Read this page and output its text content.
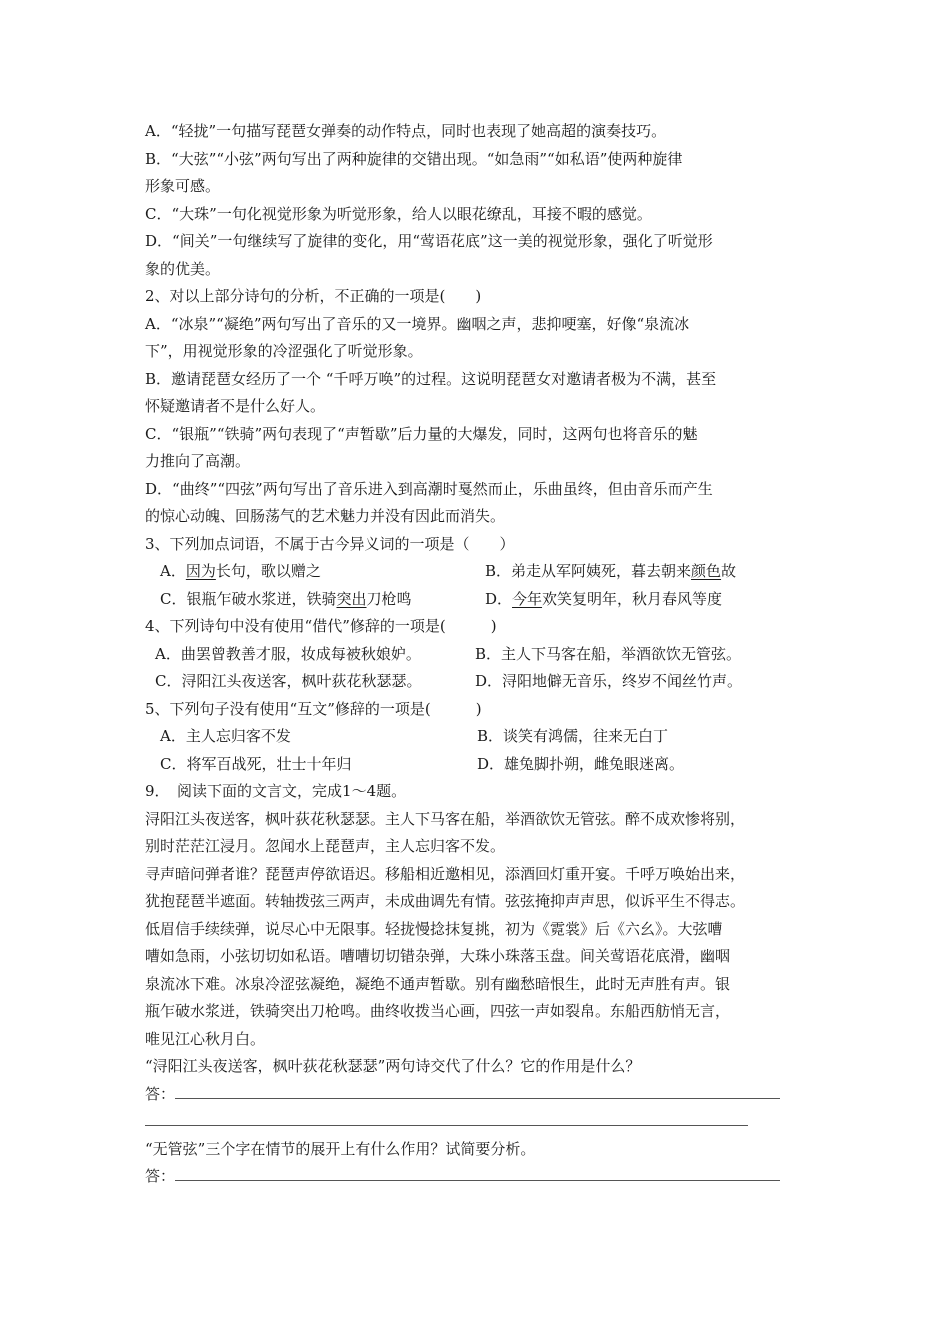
A．“轻拢”一句描写琵琶女弹奏的动作特点，同时也表现了她高超的演奏技巧。
B．“大弦”“小弦”两句写出了两种旋律的交错出现。“如急雨”“如私语”使两种旋律
形象可感。
C．“大珠”一句化视觉形象为听觉形象，给人以眼花缭乱，耳接不暇的感觉。
D．“间关”一句继续写了旋律的变化，用“莺语花底”这一美的视觉形象，强化了听觉形
象的优美。
2、对以上部分诗句的分析，不正确的一项是(　　)
A．“冰泉”“凝绝”两句写出了音乐的又一境界。幽咽之声，悲抑哽塞，好像“泉流冰
下”，用视觉形象的冷涩强化了听觉形象。
B．邀请琵琶女经历了一个 “千呼万唤”的过程。这说明琵琶女对邀请者极为不满，甚至
怀疑邀请者不是什么好人。
C．“银瓶”“铁骑”两句表现了“声暂歇”后力量的大爆发，同时，这两句也将音乐的魅
力推向了高潮。
D．“曲终”“四弦”两句写出了音乐进入到高潮时戛然而止，乐曲虽终，但由音乐而产生
的惊心动魄、回肠荡气的艺术魅力并没有因此而消失。
3、下列加点词语，不属于古今异义词的一项是（　　）
A．因为长句，歌以赠之	B．弟走从军阿姨死，暮去朝来颜色故
C．银瓶乍破水浆迸，铁骑突出刀枪鸣	D．今年欢笑复明年，秋月春风等度
4、下列诗句中没有使用“借代”修辞的一项是(　　　)
A．曲罢曾教善才服，妆成每被秋娘妒。	B．主人下马客在船，举酒欲饮无管弦。
C．浔阳江头夜送客，枫叶荻花秋瑟瑟。	D．浔阳地僻无音乐，终岁不闻丝竹声。
5、下列句子没有使用“互文”修辞的一项是(　　　)
A．主人忘归客不发	B．谈笑有鸿儒，往来无白丁
C．将军百战死，壮士十年归	D．雄兔脚扑朔，雌兔眼迷离。
9．　阅读下面的文言文，完成1～4题。
浔阳江头夜送客，枫叶荻花秋瑟瑟。主人下马客在船，举酒欲饮无管弦。醉不成欢惨将别，
别时茫茫江浸月。忽闻水上琵琶声，主人忘归客不发。
寻声暗问弹者谁？琵琶声停欲语迟。移船相近邀相见，添酒回灯重开宴。千呼万唤始出来，
犹抱琵琶半遮面。转轴拨弦三两声，未成曲调先有情。弦弦掩抑声声思，似诉平生不得志。
低眉信手续续弹，说尽心中无限事。轻拢慢捻抹复挑，初为《霓裳》后《六幺》。大弦嘈
嘈如急雨，小弦切切如私语。嘈嘈切切错杂弹，大珠小珠落玉盘。间关莺语花底滑，幽咽
泉流冰下难。冰泉冷涩弦凝绝，凝绝不通声暂歇。别有幽愁暗恨生，此时无声胜有声。银
瓶乍破水浆迸，铁骑突出刀枪鸣。曲终收拨当心画，四弦一声如裂帛。东船西舫悄无言，
唯见江心秋月白。
“浔阳江头夜送客，枫叶荻花秋瑟瑟”两句诗交代了什么？它的作用是什么？
答：
“无管弦”三个字在情节的展开上有什么作用？试简要分析。
答：
